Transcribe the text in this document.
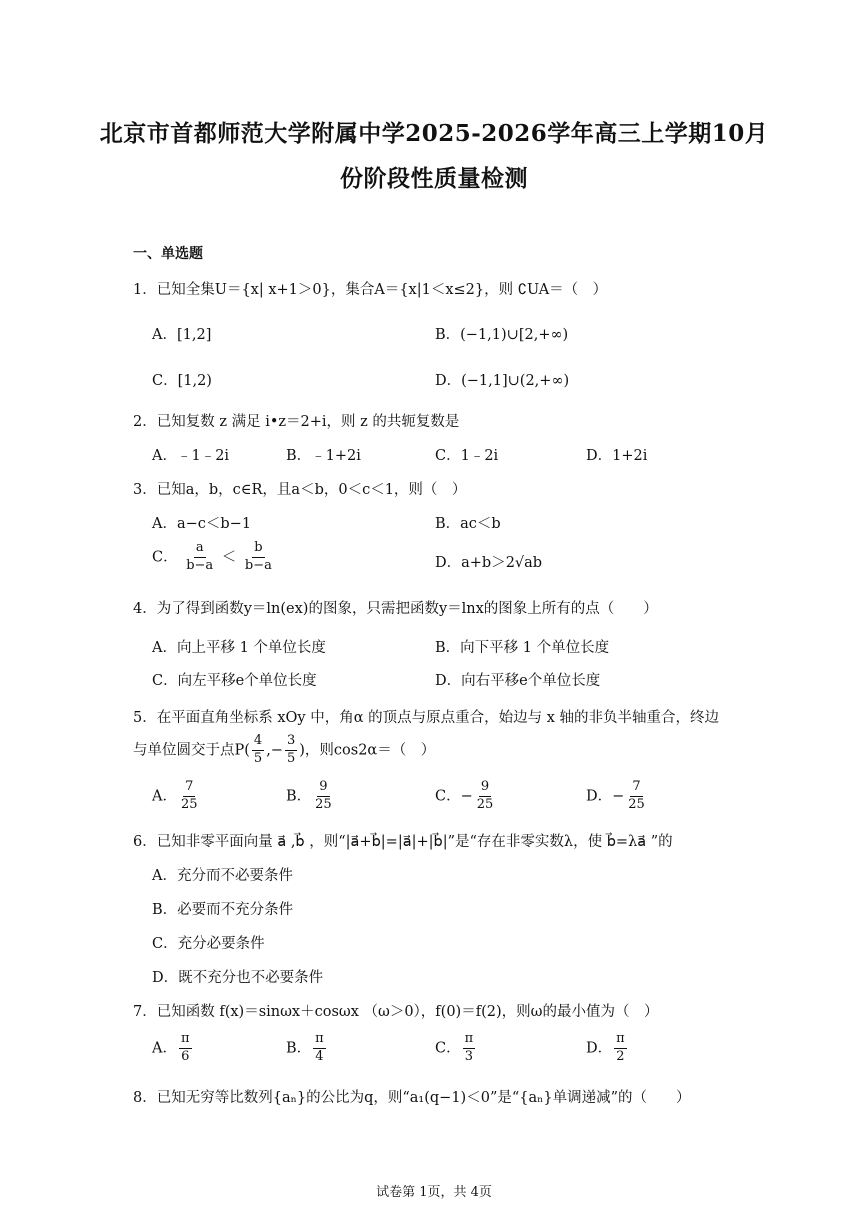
北京市首都师范大学附属中学2025-2026学年高三上学期10月
份阶段性质量检测
一、单选题
1．已知全集U＝{x| x+1＞0}，集合A＝{x|1＜x≤2}，则 ∁UA＝（　）
A．[1,2]	B．(−1,1)∪[2,+∞)
C．[1,2)	D．(−1,1]∪(2,+∞)
2．已知复数 z 满足 i•z＝2+i，则 z 的共轭复数是
A．﹣1﹣2i	B．﹣1+2i	C．1﹣2i	D．1+2i
3．已知a，b，c∈R，且a＜b，0＜c＜1，则（　）
A．a−c＜b−1	B．ac＜b
C． $\frac{a}{b-a} < \frac{b}{b-a}$	D．a+b＞2√ab
4．为了得到函数y＝ln(ex)的图象，只需把函数y＝lnx的图象上所有的点（　　）
A．向上平移 1 个单位长度	B．向下平移 1 个单位长度
C．向左平移e个单位长度	D．向右平移e个单位长度
5．在平面直角坐标系 xOy 中，角α 的顶点与原点重合，始边与 x 轴的非负半轴重合，终边
与单位圆交于点$P( \frac{4}{5}$ ,− $\frac{3}{5}$ )，则cos2α＝（　）
A． $\frac{7}{25}$	B． $\frac{9}{25}$	C．− $\frac{9}{25}$	D．− $\frac{7}{25}$
6．已知非零平面向量 a⃗ ,b⃗ ，则“|a⃗+b⃗|=|a⃗|+|b⃗|”是“存在非零实数λ，使 b⃗=λa⃗ ”的
A．充分而不必要条件
B．必要而不充分条件
C．充分必要条件
D．既不充分也不必要条件
7．已知函数 f(x)＝sinωx＋cosωx （ω＞0），f(0)＝f(2)，则ω的最小值为（　）
A． $\frac{\pi}{6}$	B． $\frac{\pi}{4}$	C． $\frac{\pi}{3}$	D． $\frac{\pi}{2}$
8．已知无穷等比数列{aₙ}的公比为q，则“a₁(q−1)＜0”是“{aₙ}单调递减”的（　　）
试卷第 1页，共 4页
